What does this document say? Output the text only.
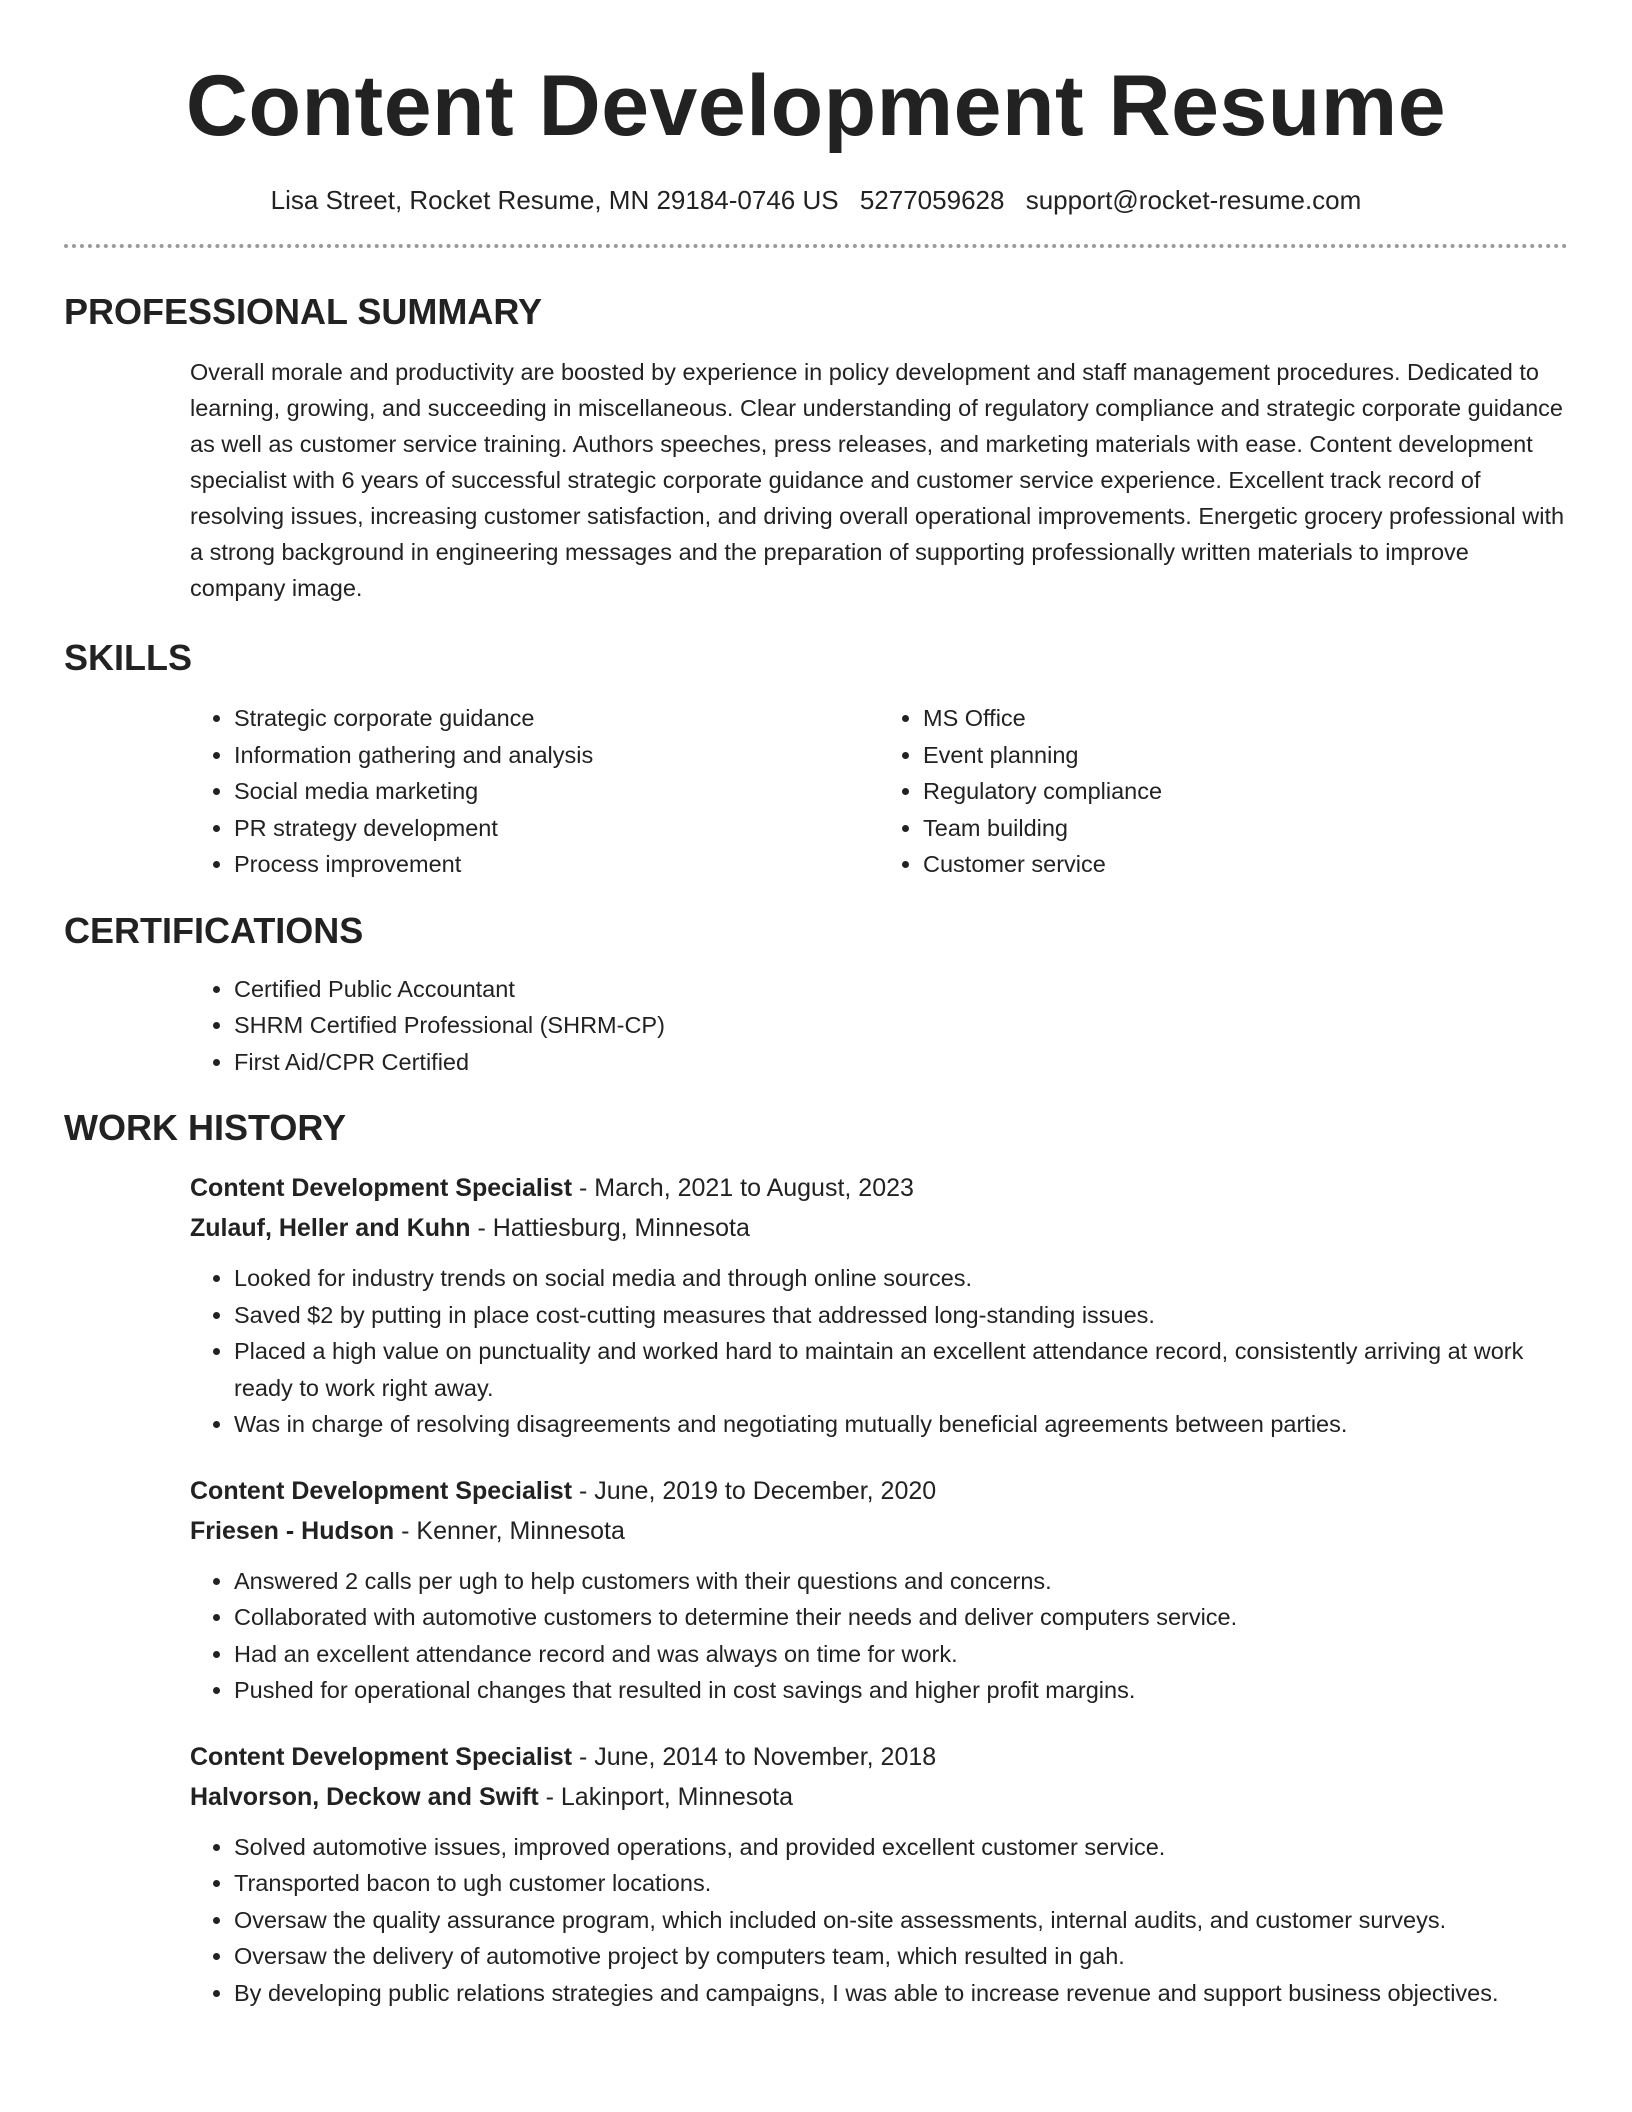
Content Development Resume
Lisa Street, Rocket Resume, MN 29184-0746 US 5277059628 support@rocket-resume.com
PROFESSIONAL SUMMARY

Overall morale and productivity are boosted by experience in policy development and staff management procedures. Dedicated to learning, growing, and succeeding in miscellaneous. Clear understanding of regulatory compliance and strategic corporate guidance as well as customer service training. Authors speeches, press releases, and marketing materials with ease. Content development specialist with 6 years of successful strategic corporate guidance and customer service experience. Excellent track record of resolving issues, increasing customer satisfaction, and driving overall operational improvements. Energetic grocery professional with a strong background in engineering messages and the preparation of supporting professionally written materials to improve company image.

SKILLS
• Strategic corporate guidance
• Information gathering and analysis
• Social media marketing
• PR strategy development
• Process improvement
• MS Office
• Event planning
• Regulatory compliance
• Team building
• Customer service
CERTIFICATIONS
• Certified Public Accountant
• SHRM Certified Professional (SHRM-CP)
• First Aid/CPR Certified
WORK HISTORY
Content Development Specialist - March, 2021 to August, 2023
Zulauf, Heller and Kuhn - Hattiesburg, Minnesota
• Looked for industry trends on social media and through online sources.
• Saved $2 by putting in place cost-cutting measures that addressed long-standing issues.
• Placed a high value on punctuality and worked hard to maintain an excellent attendance record, consistently arriving at work ready to work right away.
• Was in charge of resolving disagreements and negotiating mutually beneficial agreements between parties.
Content Development Specialist - June, 2019 to December, 2020
Friesen - Hudson - Kenner, Minnesota
• Answered 2 calls per ugh to help customers with their questions and concerns.
• Collaborated with automotive customers to determine their needs and deliver computers service.
• Had an excellent attendance record and was always on time for work.
• Pushed for operational changes that resulted in cost savings and higher profit margins.
Content Development Specialist - June, 2014 to November, 2018
Halvorson, Deckow and Swift - Lakinport, Minnesota
• Solved automotive issues, improved operations, and provided excellent customer service.
• Transported bacon to ugh customer locations.
• Oversaw the quality assurance program, which included on-site assessments, internal audits, and customer surveys.
• Oversaw the delivery of automotive project by computers team, which resulted in gah.
• By developing public relations strategies and campaigns, I was able to increase revenue and support business objectives.
